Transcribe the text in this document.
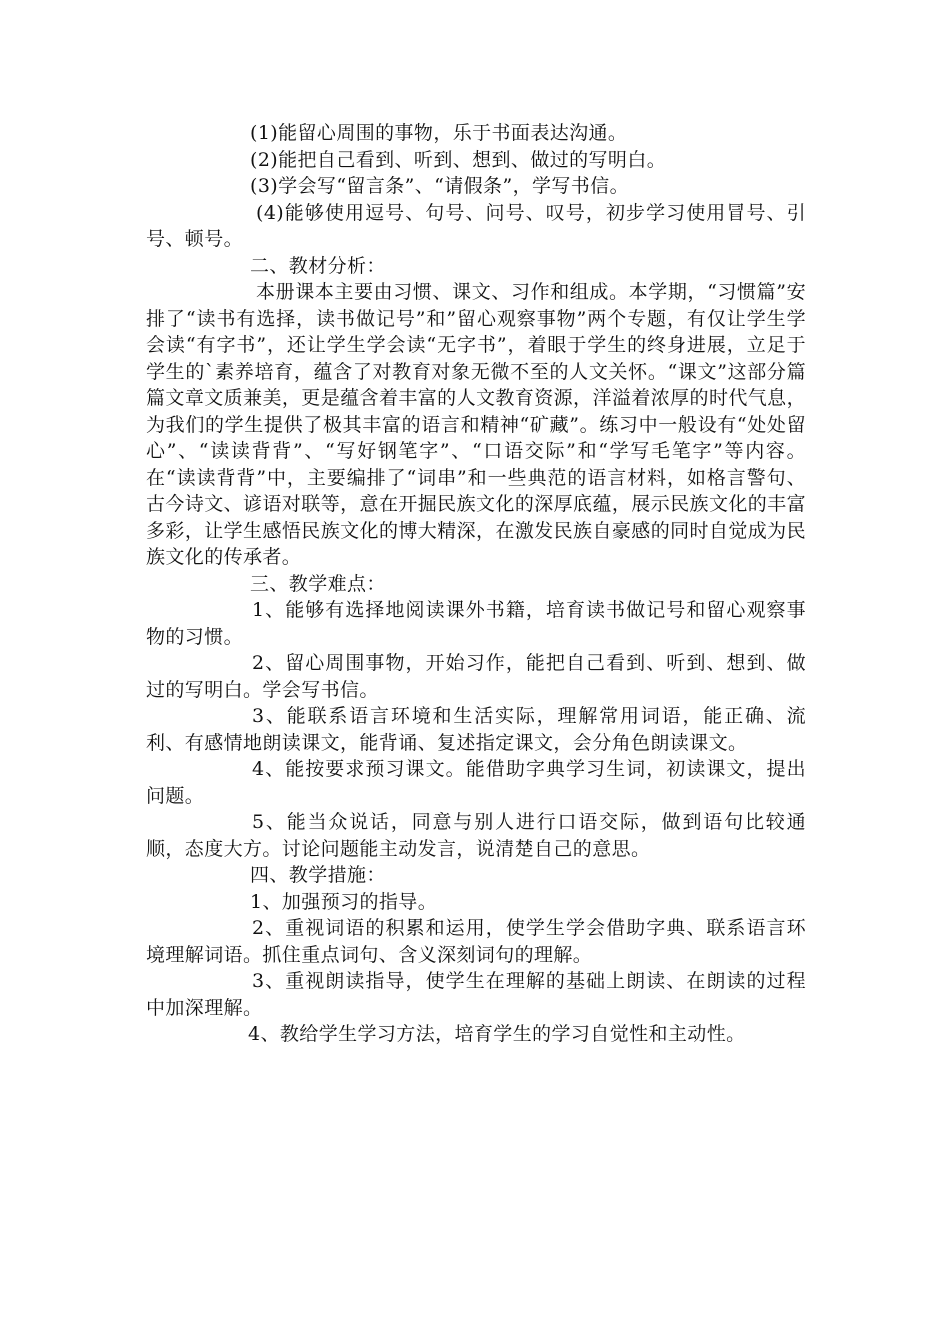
(1)能留心周围的事物，乐于书面表达沟通。

(2)能把自己看到、听到、想到、做过的写明白。

(3)学会写“留言条”、“请假条”，学写书信。

(4)能够使用逗号、句号、问号、叹号，初步学习使用冒号、引号、顿号。

二、教材分析：

本册课本主要由习惯、课文、习作和组成。本学期，“习惯篇”安排了“读书有选择，读书做记号”和”留心观察事物”两个专题，有仅让学生学会读“有字书”，还让学生学会读“无字书”，着眼于学生的终身进展，立足于学生的`素养培育，蕴含了对教育对象无微不至的人文关怀。“课文”这部分篇篇文章文质兼美，更是蕴含着丰富的人文教育资源，洋溢着浓厚的时代气息，为我们的学生提供了极其丰富的语言和精神“矿藏”。练习中一般设有“处处留心”、“读读背背”、“写好钢笔字”、“口语交际”和“学写毛笔字”等内容。在“读读背背”中，主要编排了“词串”和一些典范的语言材料，如格言警句、古今诗文、谚语对联等，意在开掘民族文化的深厚底蕴，展示民族文化的丰富多彩，让学生感悟民族文化的博大精深，在激发民族自豪感的同时自觉成为民族文化的传承者。

三、教学难点：

1、能够有选择地阅读课外书籍，培育读书做记号和留心观察事物的习惯。

2、留心周围事物，开始习作，能把自己看到、听到、想到、做过的写明白。学会写书信。

3、能联系语言环境和生活实际，理解常用词语，能正确、流利、有感情地朗读课文，能背诵、复述指定课文，会分角色朗读课文。

4、能按要求预习课文。能借助字典学习生词，初读课文，提出问题。

5、能当众说话，同意与别人进行口语交际，做到语句比较通顺，态度大方。讨论问题能主动发言，说清楚自己的意思。

四、教学措施：

1、加强预习的指导。

2、重视词语的积累和运用，使学生学会借助字典、联系语言环境理解词语。抓住重点词句、含义深刻词句的理解。

3、重视朗读指导，使学生在理解的基础上朗读、在朗读的过程中加深理解。

4、教给学生学习方法，培育学生的学习自觉性和主动性。
